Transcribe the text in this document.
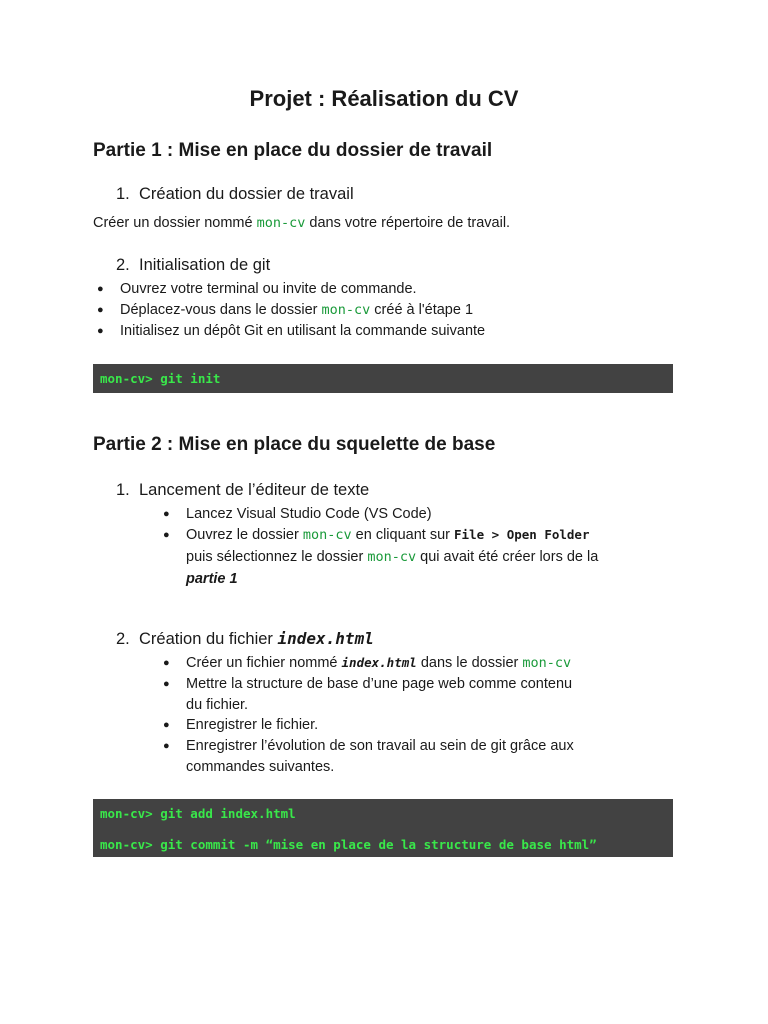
Projet : Réalisation du CV
Partie 1 : Mise en place du dossier de travail
1. Création du dossier de travail
Créer un dossier nommé mon-cv dans votre répertoire de travail.
2. Initialisation de git
● Ouvrez votre terminal ou invite de commande.
● Déplacez-vous dans le dossier mon-cv créé à l'étape 1
● Initialisez un dépôt Git en utilisant la commande suivante
mon-cv> git init
Partie 2 : Mise en place du squelette de base
1. Lancement de l’éditeur de texte
● Lancez Visual Studio Code (VS Code)
● Ouvrez le dossier mon-cv en cliquant sur File > Open Folder
puis sélectionnez le dossier mon-cv qui avait été créer lors de la
partie 1
2. Création du fichier index.html
● Créer un fichier nommé index.html dans le dossier mon-cv
● Mettre la structure de base d’une page web comme contenu
du fichier.
● Enregistrer le fichier.
● Enregistrer l’évolution de son travail au sein de git grâce aux
commandes suivantes.
mon-cv> git add index.html
mon-cv> git commit -m “mise en place de la structure de base html”
